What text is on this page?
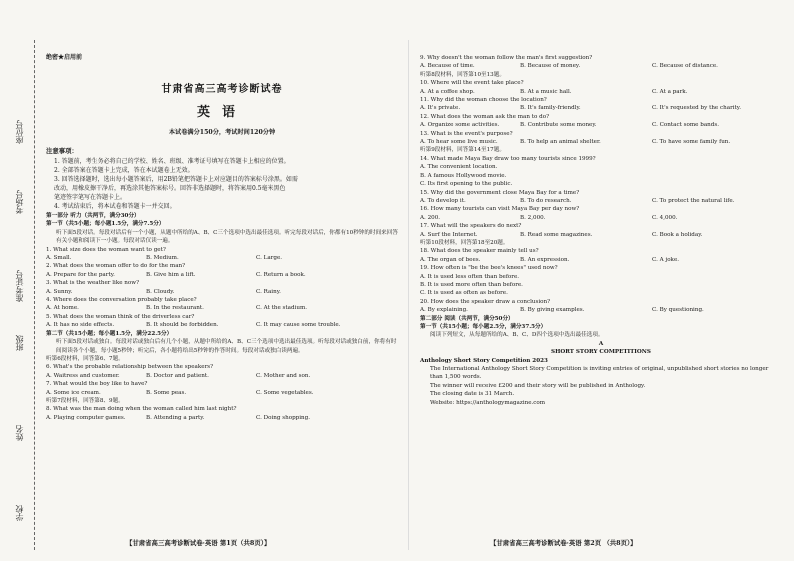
座位号
考场号
准考证号
班级
姓名
学校
绝密★启用前
甘肃省高三高考诊断试卷
英语
本试卷满分150分，考试时间120分钟
注意事项：

1. 答题前，考生务必将自己的学校、姓名、班级、准考证号填写在答题卡上相应的位置。

2. 全部答案在答题卡上完成，答在本试题卷上无效。

3. 回答选择题时，选出每小题答案后，用2B铅笔把答题卡上对应题目的答案标号涂黑。如需

改动，用橡皮擦干净后，再选涂其他答案标号。回答非选择题时，将答案用0.5毫米黑色

笔迹签字笔写在答题卡上。

4. 考试结束后，将本试卷和答题卡一并交回。

第一部分 听力（共两节，满分30分）

第一节（共5小题；每小题1.5分，满分7.5分）

听下面5段对话。每段对话后有一个小题，从题中所给的A、B、C三个选项中选出最佳选项。听完每段对话后，你都有10秒钟的时间来回答有关小题和阅读下一小题。每段对话仅读一遍。

1. What size does the woman want to get?

A. Small.	B. Medium.	C. Large.

2. What does the woman offer to do for the man?

A. Prepare for the party.	B. Give him a lift.	C. Return a book.

3. What is the weather like now?

A. Sunny.	B. Cloudy.	C. Rainy.

4. Where does the conversation probably take place?

A. At home.	B. In the restaurant.	C. At the stadium.

5. What does the woman think of the driverless car?

A. It has no side effects.	B. It should be forbidden.	C. It may cause some trouble.

第二节（共15小题；每小题1.5分，满分22.5分）

听下面5段对话或独白。每段对话或独白后有几个小题，从题中所给的A、B、C三个选项中选出最佳选项。听每段对话或独白前，你将有时间阅读各个小题，每小题5秒钟；听完后，各小题将给出5秒钟的作答时间。每段对话或独白读两遍。

听第6段材料，回答第6、7题。

6. What's the probable relationship between the speakers?

A. Waitress and customer.	B. Doctor and patient.	C. Mother and son.

7. What would the boy like to have?

A. Some ice cream.	B. Some peas.	C. Some vegetables.

听第7段材料，回答第8、9题。

8. What was the man doing when the woman called him last night?

A. Playing computer games.	B. Attending a party.	C. Doing shopping.

【甘肃省高三高考诊断试卷·英语 第1页（共8页）】

9. Why doesn't the woman follow the man's first suggestion?

A. Because of time.	B. Because of money.	C. Because of distance.

听第8段材料，回答第10至13题。

10. Where will the event take place?

A. At a coffee shop.	B. At a music hall.	C. At a park.

11. Why did the woman choose the location?

A. It's private.	B. It's family-friendly.	C. It's requested by the charity.

12. What does the woman ask the man to do?

A. Organize some activities.	B. Contribute some money.	C. Contact some bands.

13. What is the event's purpose?

A. To hear some live music.	B. To help an animal shelter.	C. To have some family fun.

听第9段材料，回答第14至17题。

14. What made Maya Bay draw too many tourists since 1999?

A. The convenient location.

B. A famous Hollywood movie.

C. Its first opening to the public.

15. Why did the government close Maya Bay for a time?

A. To develop it.	B. To do research.	C. To protect the natural life.

16. How many tourists can visit Maya Bay per day now?

A. 200.	B. 2,000.	C. 4,000.

17. What will the speakers do next?

A. Surf the Internet.	B. Read some magazines.	C. Book a holiday.

听第10段材料，回答第18至20题。

18. What does the speaker mainly tell us?

A. The organ of bees.	B. An expression.	C. A joke.

19. How often is "be the bee's knees" used now?

A. It is used less often than before.

B. It is used more often than before.

C. It is used as often as before.

20. How does the speaker draw a conclusion?

A. By explaining.	B. By giving examples.	C. By questioning.

第二部分 阅读（共两节，满分50分）

第一节（共15小题；每小题2.5分，满分37.5分）

阅读下列短文，从每题所给的A、B、C、D四个选项中选出最佳选项。

A

SHORT STORY COMPETITIONS

Anthology Short Story Competition 2023

The International Anthology Short Story Competition is inviting entries of original, unpublished short stories no longer than 1,500 words.

The winner will receive £200 and their story will be published in Anthology.

The closing date is 31 March.

Website: https://anthologymagazine.com

【甘肃省高三高考诊断试卷·英语 第2页 （共8页）】
